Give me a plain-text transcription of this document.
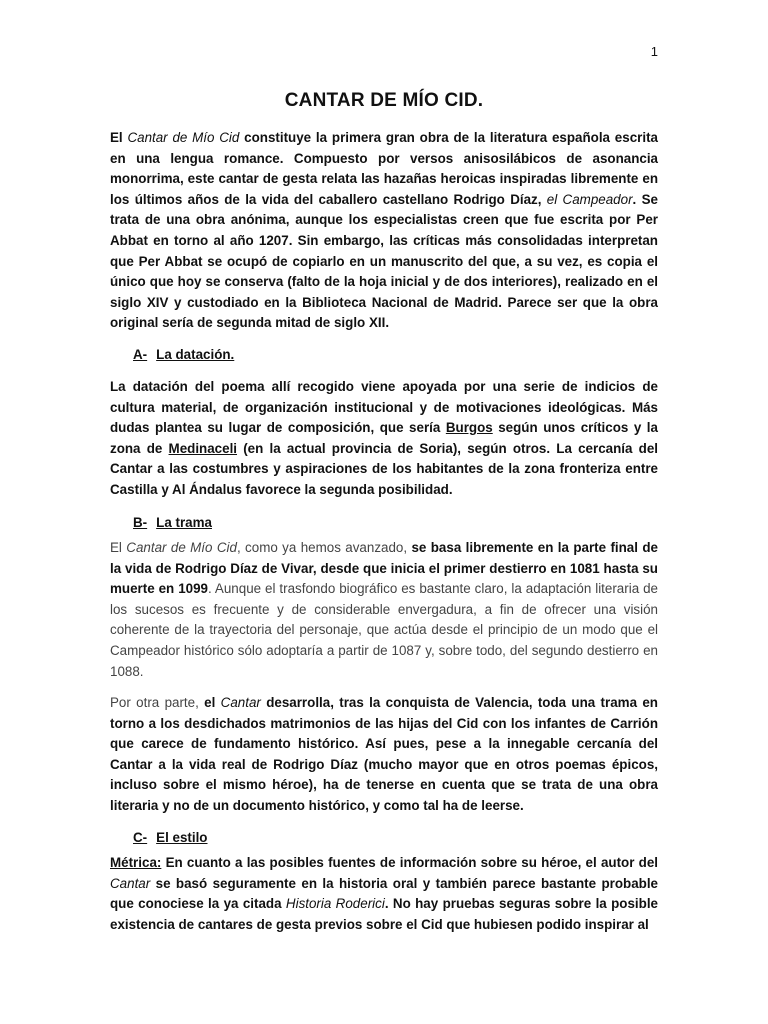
1
CANTAR DE MÍO CID.
El Cantar de Mío Cid constituye la primera gran obra de la literatura española escrita en una lengua romance. Compuesto por versos anisosilábicos de asonancia monorrima, este cantar de gesta relata las hazañas heroicas inspiradas libremente en los últimos años de la vida del caballero castellano Rodrigo Díaz, el Campeador. Se trata de una obra anónima, aunque los especialistas creen que fue escrita por Per Abbat en torno al año 1207. Sin embargo, las críticas más consolidadas interpretan que Per Abbat se ocupó de copiarlo en un manuscrito del que, a su vez, es copia el único que hoy se conserva (falto de la hoja inicial y de dos interiores), realizado en el siglo XIV y custodiado en la Biblioteca Nacional de Madrid. Parece ser que la obra original sería de segunda mitad de siglo XII.
A- La datación.
La datación del poema allí recogido viene apoyada por una serie de indicios de cultura material, de organización institucional y de motivaciones ideológicas. Más dudas plantea su lugar de composición, que sería Burgos según unos críticos y la zona de Medinaceli (en la actual provincia de Soria), según otros. La cercanía del Cantar a las costumbres y aspiraciones de los habitantes de la zona fronteriza entre Castilla y Al Ándalus favorece la segunda posibilidad.
B- La trama
El Cantar de Mío Cid, como ya hemos avanzado, se basa libremente en la parte final de la vida de Rodrigo Díaz de Vivar, desde que inicia el primer destierro en 1081 hasta su muerte en 1099. Aunque el trasfondo biográfico es bastante claro, la adaptación literaria de los sucesos es frecuente y de considerable envergadura, a fin de ofrecer una visión coherente de la trayectoria del personaje, que actúa desde el principio de un modo que el Campeador histórico sólo adoptaría a partir de 1087 y, sobre todo, del segundo destierro en 1088.
Por otra parte, el Cantar desarrolla, tras la conquista de Valencia, toda una trama en torno a los desdichados matrimonios de las hijas del Cid con los infantes de Carrión que carece de fundamento histórico. Así pues, pese a la innegable cercanía del Cantar a la vida real de Rodrigo Díaz (mucho mayor que en otros poemas épicos, incluso sobre el mismo héroe), ha de tenerse en cuenta que se trata de una obra literaria y no de un documento histórico, y como tal ha de leerse.
C- El estilo
Métrica: En cuanto a las posibles fuentes de información sobre su héroe, el autor del Cantar se basó seguramente en la historia oral y también parece bastante probable que conociese la ya citada Historia Roderici. No hay pruebas seguras sobre la posible existencia de cantares de gesta previos sobre el Cid que hubiesen podido inspirar al
